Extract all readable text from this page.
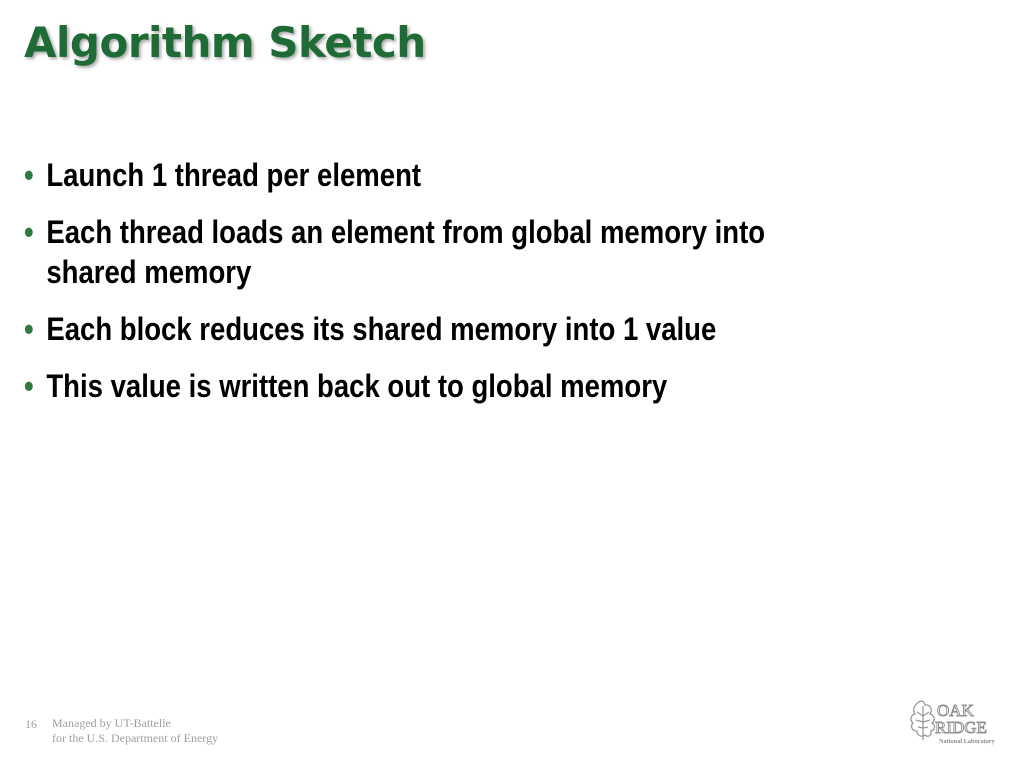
Algorithm Sketch
• Launch 1 thread per element
• Each thread loads an element from global memory into shared memory
• Each block reduces its shared memory into 1 value
• This value is written back out to global memory
16 Managed by UT-Battelle
for the U.S. Department of Energy
OAK
RIDGE
National Laboratory
